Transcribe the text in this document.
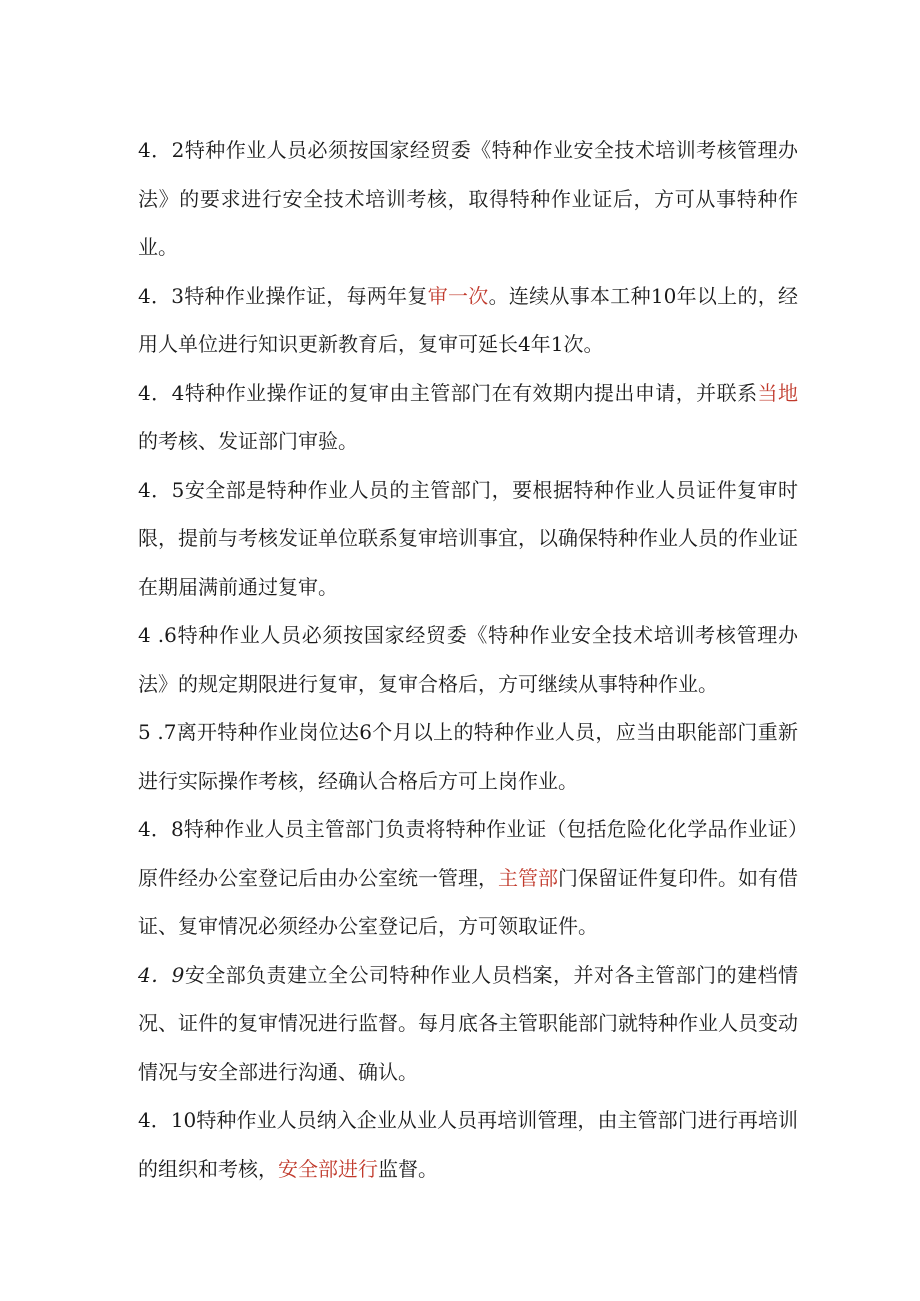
4．2特种作业人员必须按国家经贸委《特种作业安全技术培训考核管理办法》的要求进行安全技术培训考核，取得特种作业证后，方可从事特种作业。

4．3特种作业操作证，每两年复审一次。连续从事本工种10年以上的，经用人单位进行知识更新教育后，复审可延长4年1次。

4．4特种作业操作证的复审由主管部门在有效期内提出申请，并联系当地的考核、发证部门审验。

4．5安全部是特种作业人员的主管部门，要根据特种作业人员证件复审时限，提前与考核发证单位联系复审培训事宜，以确保特种作业人员的作业证在期届满前通过复审。

4 .6特种作业人员必须按国家经贸委《特种作业安全技术培训考核管理办法》的规定期限进行复审，复审合格后，方可继续从事特种作业。

5 .7离开特种作业岗位达6个月以上的特种作业人员，应当由职能部门重新进行实际操作考核，经确认合格后方可上岗作业。

4．8特种作业人员主管部门负责将特种作业证（包括危险化化学品作业证）原件经办公室登记后由办公室统一管理，主管部门保留证件复印件。如有借证、复审情况必须经办公室登记后，方可领取证件。

4．9安全部负责建立全公司特种作业人员档案，并对各主管部门的建档情况、证件的复审情况进行监督。每月底各主管职能部门就特种作业人员变动情况与安全部进行沟通、确认。

4．10特种作业人员纳入企业从业人员再培训管理，由主管部门进行再培训的组织和考核，安全部进行监督。
